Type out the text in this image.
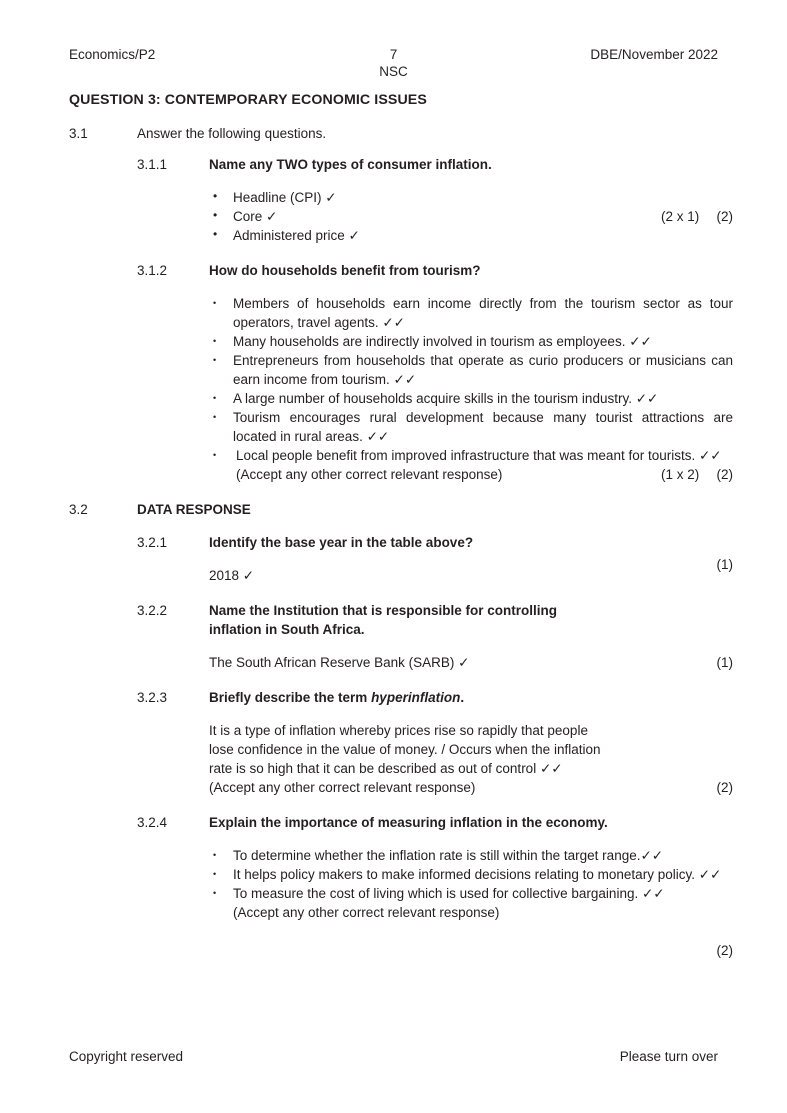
Economics/P2	7	DBE/November 2022
NSC
QUESTION 3: CONTEMPORARY ECONOMIC ISSUES
3.1	Answer the following questions.
3.1.1	Name any TWO types of consumer inflation.
• Headline (CPI) ✓
• Core ✓
• Administered price ✓
(2 x 1) (2)
3.1.2	How do households benefit from tourism?
• Members of households earn income directly from the tourism sector as tour operators, travel agents. ✓✓
• Many households are indirectly involved in tourism as employees. ✓✓
• Entrepreneurs from households that operate as curio producers or musicians can earn income from tourism. ✓✓
• A large number of households acquire skills in the tourism industry. ✓✓
• Tourism encourages rural development because many tourist attractions are located in rural areas. ✓✓
• Local people benefit from improved infrastructure that was meant for tourists. ✓✓
(Accept any other correct relevant response)	(1 x 2) (2)
3.2	DATA RESPONSE
3.2.1	Identify the base year in the table above?
2018 ✓
(1)
3.2.2	Name the Institution that is responsible for controlling
inflation in South Africa.
The South African Reserve Bank (SARB) ✓	(1)
3.2.3	Briefly describe the term hyperinflation.
It is a type of inflation whereby prices rise so rapidly that people
lose confidence in the value of money. / Occurs when the inflation
rate is so high that it can be described as out of control ✓✓
(Accept any other correct relevant response)	(2)
3.2.4	Explain the importance of measuring inflation in the economy.
• To determine whether the inflation rate is still within the target range.✓✓
• It helps policy makers to make informed decisions relating to monetary policy. ✓✓
• To measure the cost of living which is used for collective bargaining. ✓✓
(Accept any other correct relevant response)
(2)
Copyright reserved	Please turn over
